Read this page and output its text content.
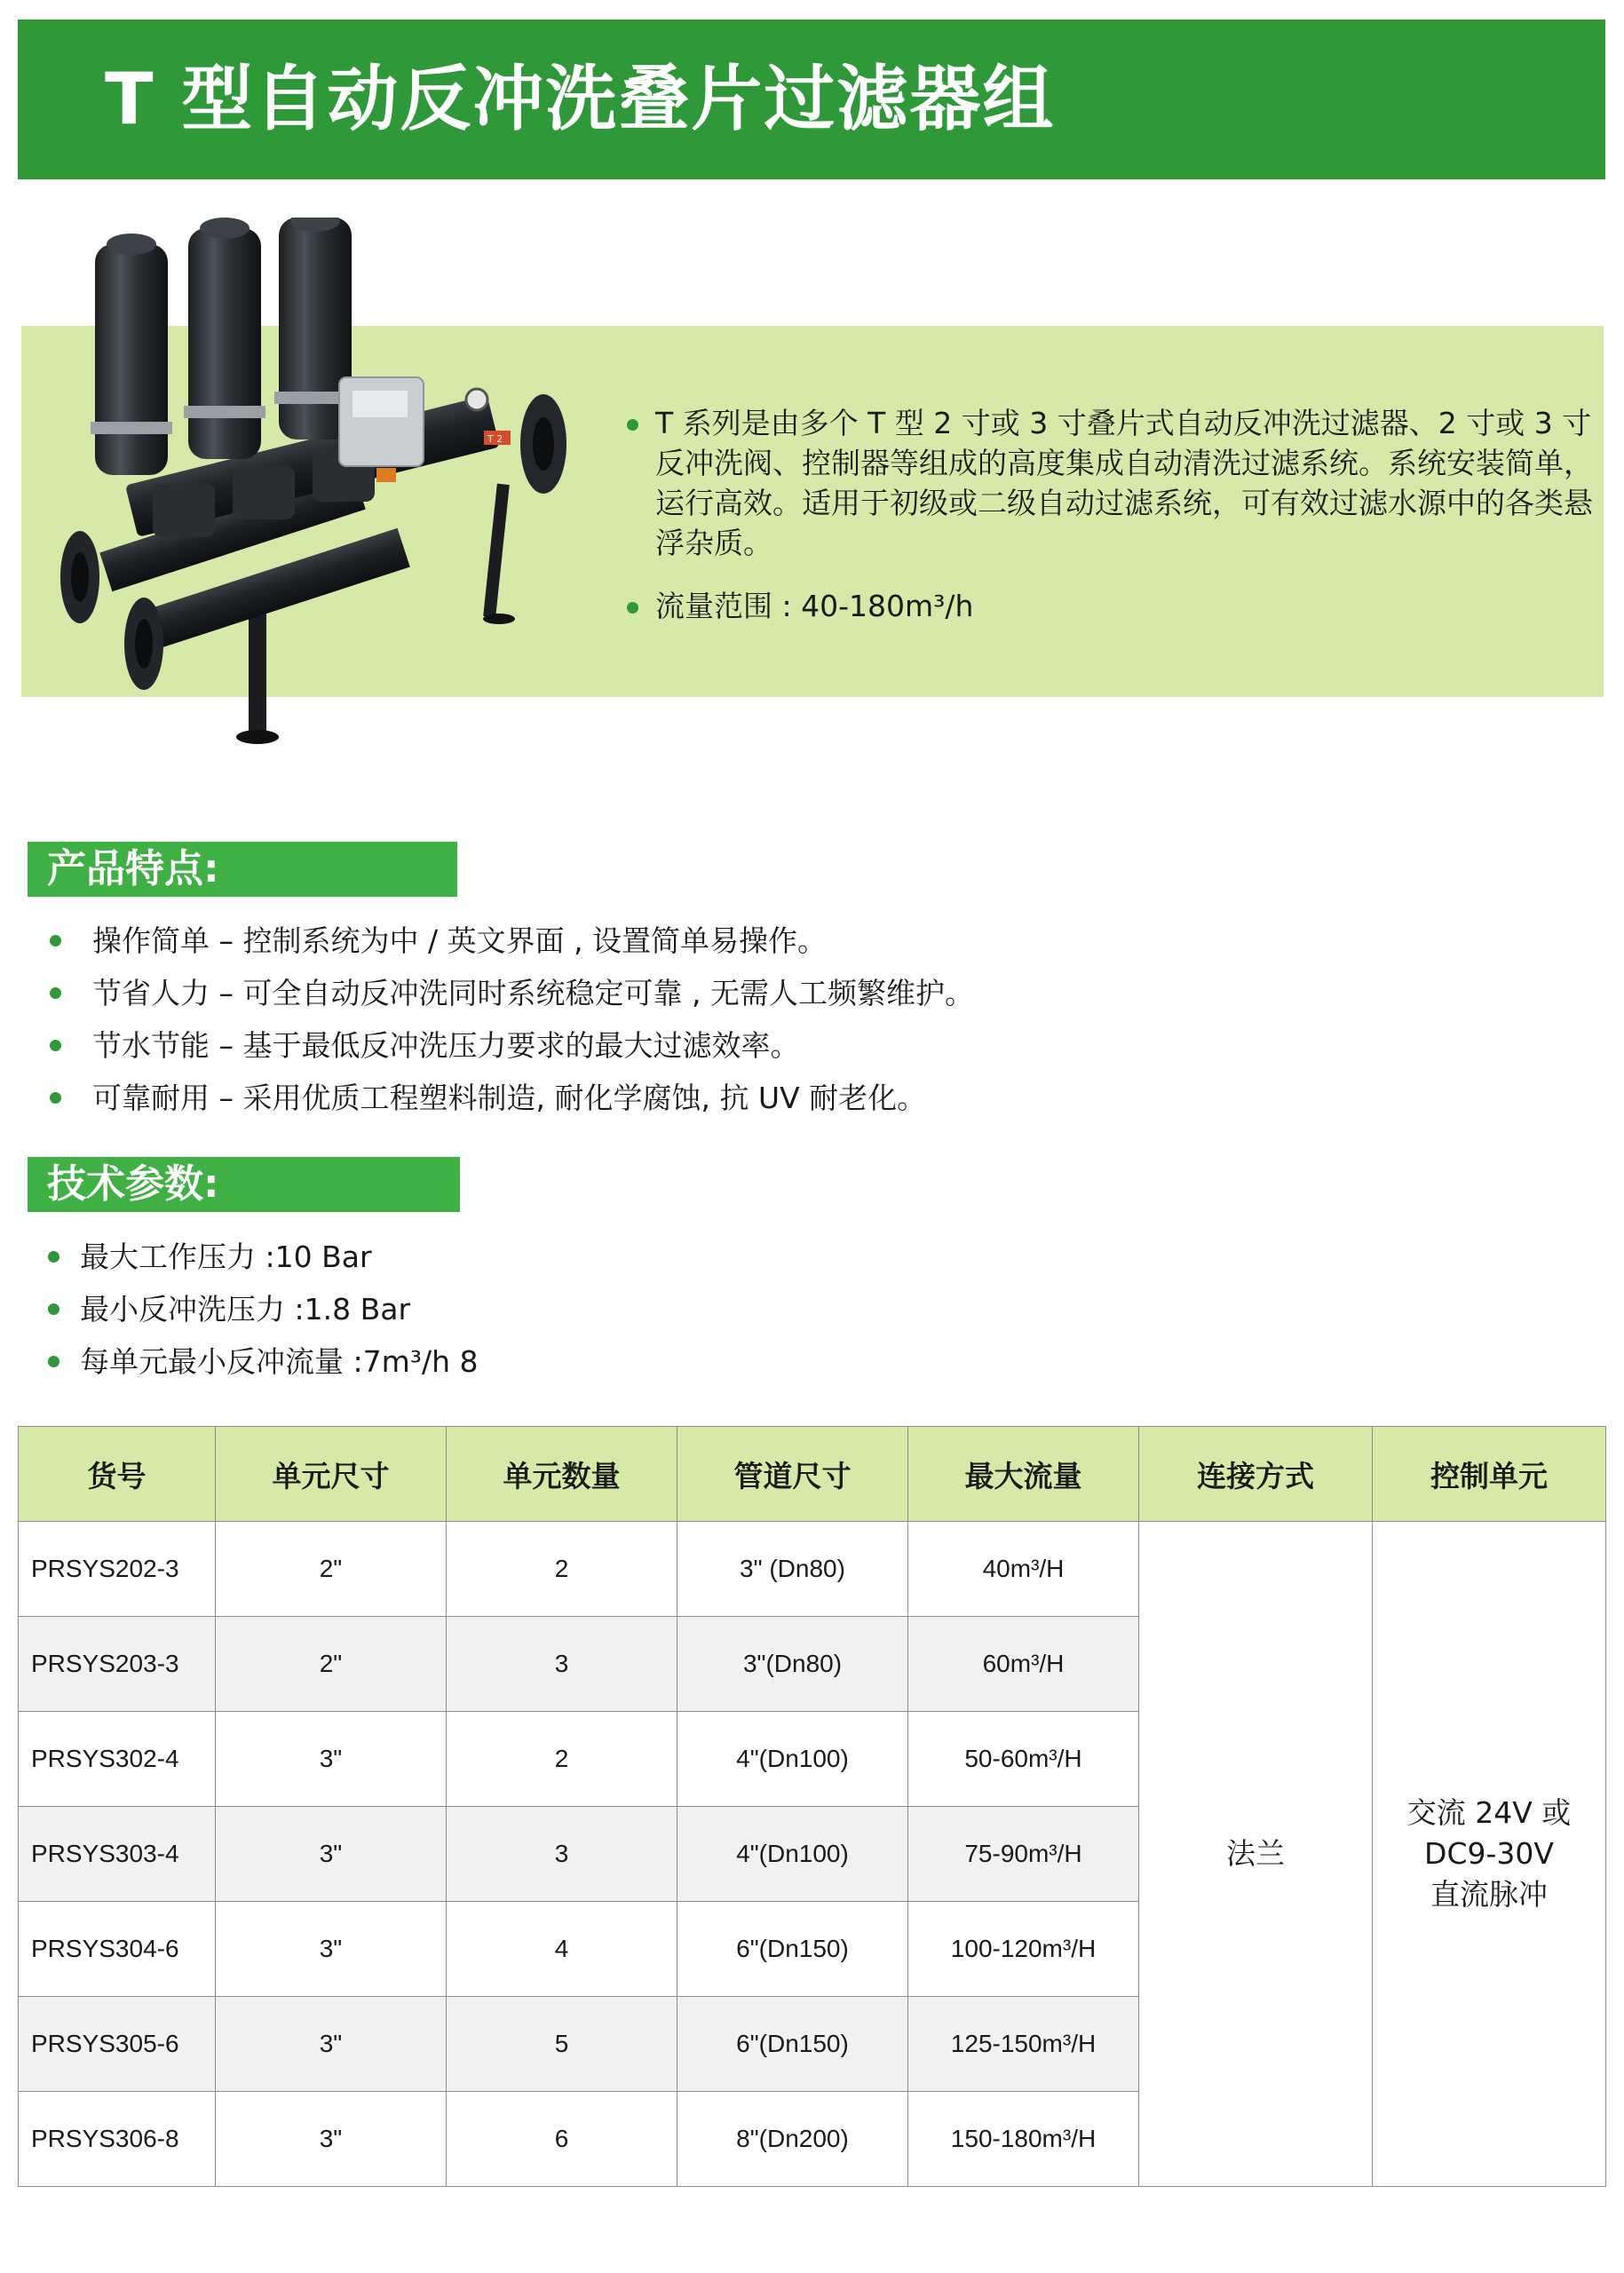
T 型自动反冲洗叠片过滤器组
T 2	T 系列是由多个 T 型 2 寸或 3 寸叠片式自动反冲洗过滤器、2 寸或 3 寸反冲洗阀、控制器等组成的高度集成自动清洗过滤系统。系统安装简单，运行高效。适用于初级或二级自动过滤系统，可有效过滤水源中的各类悬浮杂质。
流量范围 : 40-180m³/h
产品特点:
操作简单 – 控制系统为中 / 英文界面 , 设置简单易操作。
节省人力 – 可全自动反冲洗同时系统稳定可靠 , 无需人工频繁维护。
节水节能 – 基于最低反冲洗压力要求的最大过滤效率。
可靠耐用 – 采用优质工程塑料制造, 耐化学腐蚀, 抗 UV 耐老化。
技术参数:
最大工作压力 :10 Bar
最小反冲洗压力 :1.8 Bar
每单元最小反冲流量 :7m³/h 8
货号	单元尺寸	单元数量	管道尺寸	最大流量	连接方式	控制单元
PRSYS202-3	2"	2	3" (Dn80)	40m³/H	法兰	交流 24V 或
DC9-30V
直流脉冲

PRSYS203-3	2"	3	3"(Dn80)	60m³/H		
PRSYS302-4	3"	2	4"(Dn100)	50-60m³/H		
PRSYS303-4	3"	3	4"(Dn100)	75-90m³/H		
PRSYS304-6	3"	4	6"(Dn150)	100-120m³/H		
PRSYS305-6	3"	5	6"(Dn150)	125-150m³/H		
PRSYS306-8	3"	6	8"(Dn200)	150-180m³/H		
